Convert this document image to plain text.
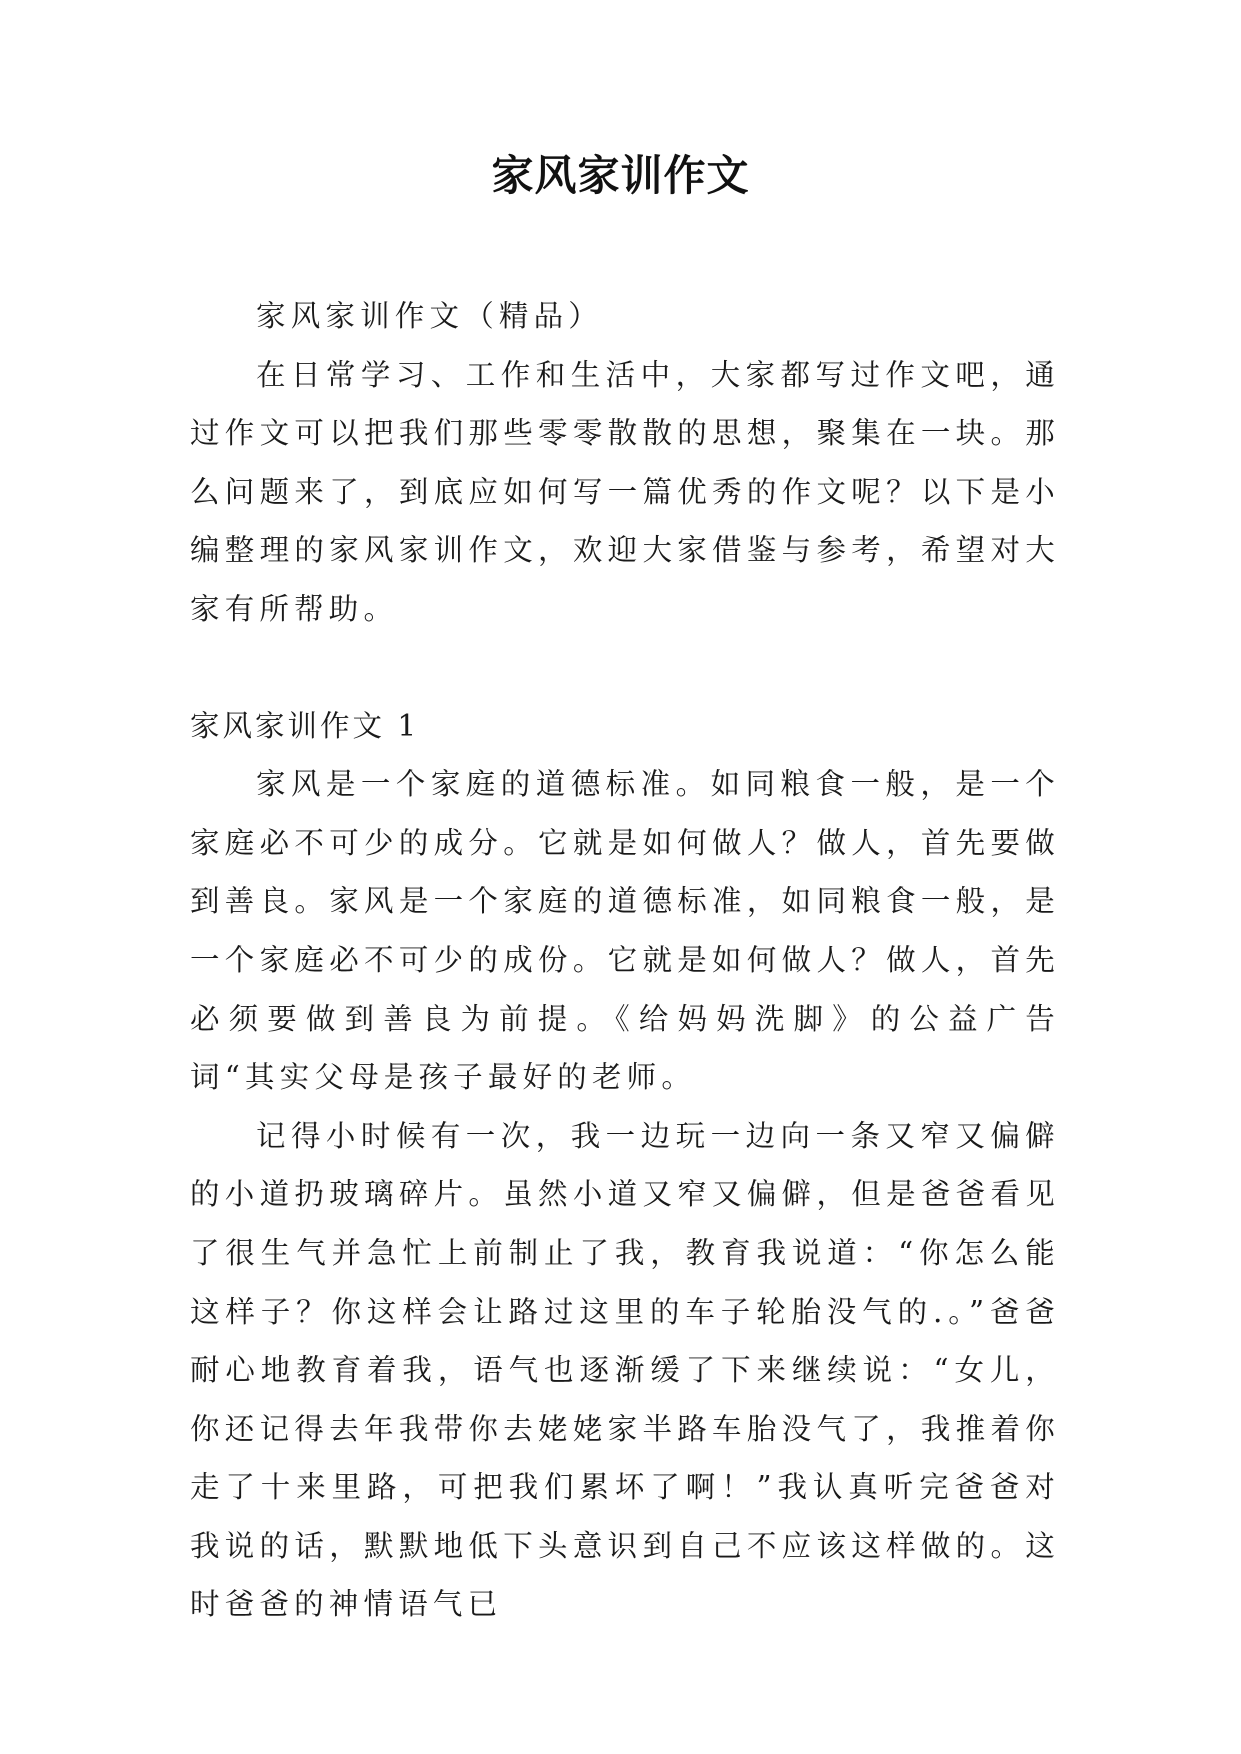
家风家训作文

家风家训作文（精品）

在日常学习、工作和生活中，大家都写过作文吧，通过作文可以把我们那些零零散散的思想，聚集在一块。那么问题来了，到底应如何写一篇优秀的作文呢？以下是小编整理的家风家训作文，欢迎大家借鉴与参考，希望对大家有所帮助。

家风家训作文 1

家风是一个家庭的道德标准。如同粮食一般，是一个家庭必不可少的成分。它就是如何做人？做人，首先要做到善良。家风是一个家庭的道德标准，如同粮食一般，是一个家庭必不可少的成份。它就是如何做人？做人，首先必须要做到善良为前提。《给妈妈洗脚》的公益广告词“其实父母是孩子最好的老师。

记得小时候有一次，我一边玩一边向一条又窄又偏僻的小道扔玻璃碎片。虽然小道又窄又偏僻，但是爸爸看见了很生气并急忙上前制止了我，教育我说道：“你怎么能这样子？你这样会让路过这里的车子轮胎没气的.。”爸爸耐心地教育着我，语气也逐渐缓了下来继续说：“女儿，你还记得去年我带你去姥姥家半路车胎没气了，我推着你走了十来里路，可把我们累坏了啊！”我认真听完爸爸对我说的话，默默地低下头意识到自己不应该这样做的。这时爸爸的神情语气已
